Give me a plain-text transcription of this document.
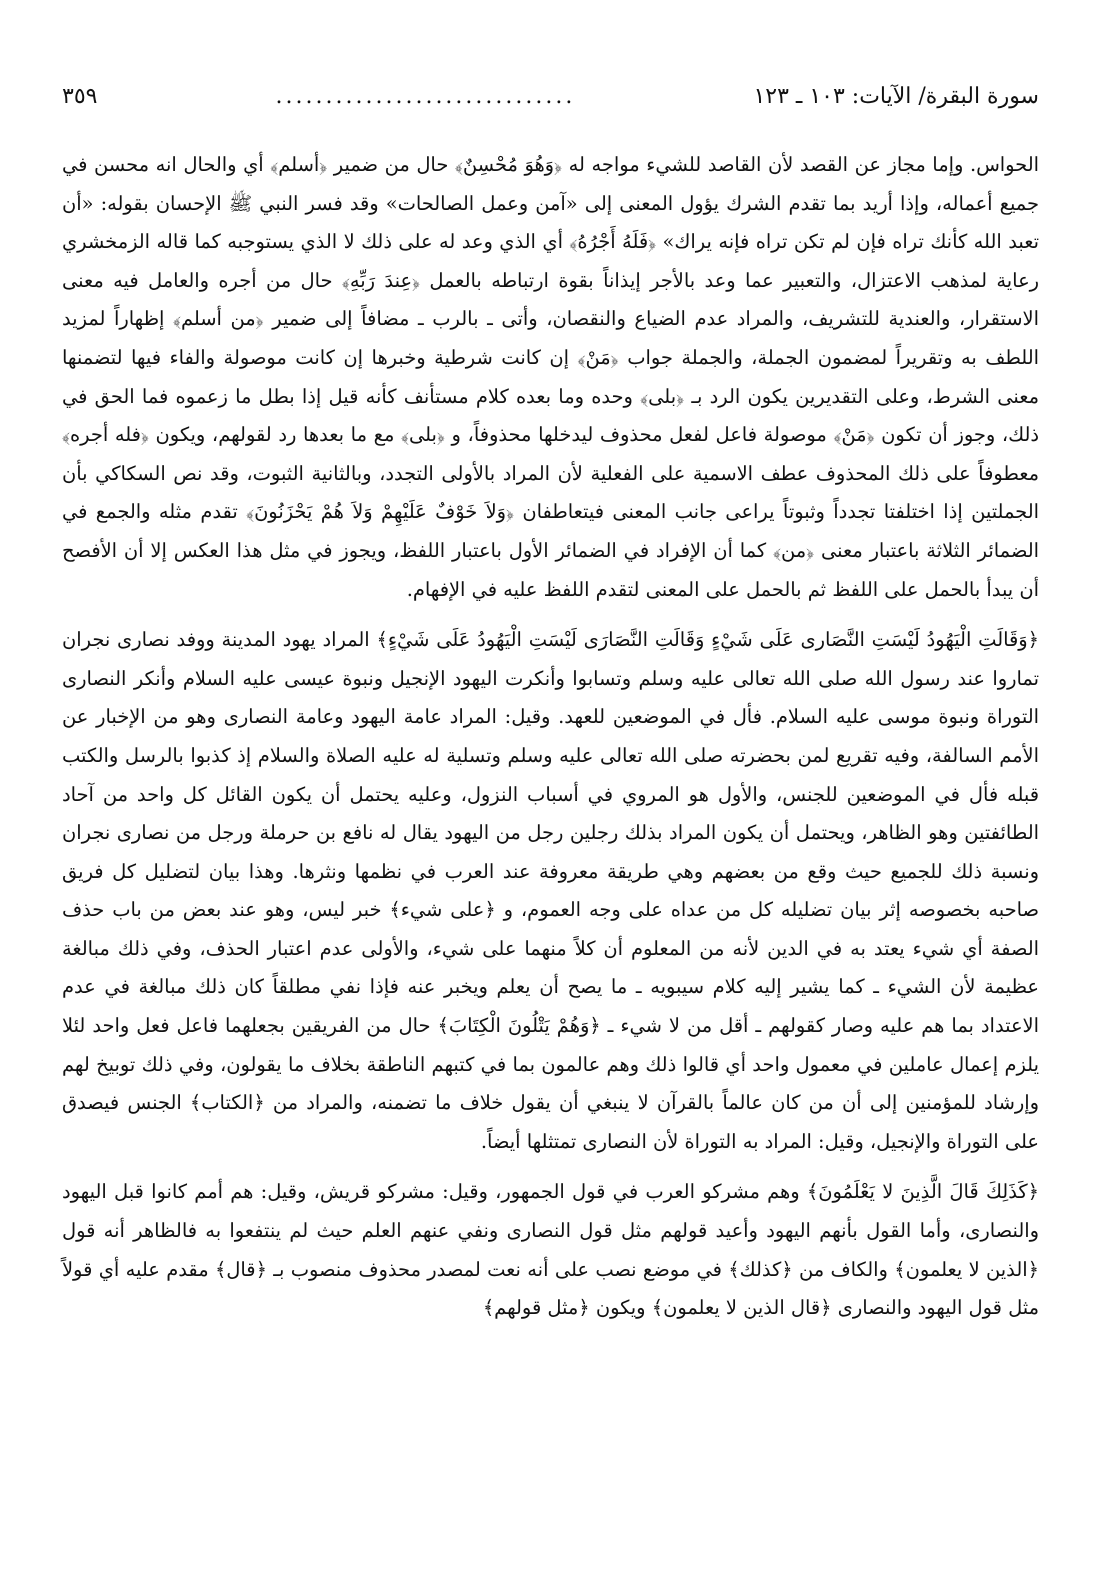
سورة البقرة/ الآيات: ١٠٣ ـ ١٢٣
..............................
٣٥٩

الحواس. وإما مجاز عن القصد لأن القاصد للشيء مواجه له ﴿وَهُوَ مُحْسِنٌ﴾ حال من ضمير ﴿أسلم﴾ أي والحال انه محسن في جميع أعماله، وإذا أريد بما تقدم الشرك يؤول المعنى إلى «آمن وعمل الصالحات» وقد فسر النبي ﷺ الإحسان بقوله: «أن تعبد الله كأنك تراه فإن لم تكن تراه فإنه يراك» ﴿فَلَهُ أَجْرُهُ﴾ أي الذي وعد له على ذلك لا الذي يستوجبه كما قاله الزمخشري رعاية لمذهب الاعتزال، والتعبير عما وعد بالأجر إيذاناً بقوة ارتباطه بالعمل ﴿عِندَ رَبِّهِ﴾ حال من أجره والعامل فيه معنى الاستقرار، والعندية للتشريف، والمراد عدم الضياع والنقصان، وأتى ـ بالرب ـ مضافاً إلى ضمير ﴿من أسلم﴾ إظهاراً لمزيد اللطف به وتقريراً لمضمون الجملة، والجملة جواب ﴿مَنْ﴾ إن كانت شرطية وخبرها إن كانت موصولة والفاء فيها لتضمنها معنى الشرط، وعلى التقديرين يكون الرد بـ ﴿بلى﴾ وحده وما بعده كلام مستأنف كأنه قيل إذا بطل ما زعموه فما الحق في ذلك، وجوز أن تكون ﴿مَنْ﴾ موصولة فاعل لفعل محذوف ليدخلها محذوفاً، و ﴿بلى﴾ مع ما بعدها رد لقولهم، ويكون ﴿فله أجره﴾ معطوفاً على ذلك المحذوف عطف الاسمية على الفعلية لأن المراد بالأولى التجدد، وبالثانية الثبوت، وقد نص السكاكي بأن الجملتين إذا اختلفتا تجدداً وثبوتاً يراعى جانب المعنى فيتعاطفان ﴿وَلاَ خَوْفٌ عَلَيْهِمْ وَلاَ هُمْ يَحْزَنُونَ﴾ تقدم مثله والجمع في الضمائر الثلاثة باعتبار معنى ﴿من﴾ كما أن الإفراد في الضمائر الأول باعتبار اللفظ، ويجوز في مثل هذا العكس إلا أن الأفصح أن يبدأ بالحمل على اللفظ ثم بالحمل على المعنى لتقدم اللفظ عليه في الإفهام.

﴿وَقَالَتِ الْيَهُودُ لَيْسَتِ النَّصَارى عَلَى شَيْءٍ وَقَالَتِ النَّصَارَى لَيْسَتِ الْيَهُودُ عَلَى شَيْءٍ﴾ المراد يهود المدينة ووفد نصارى نجران تماروا عند رسول الله صلى الله تعالى عليه وسلم وتسابوا وأنكرت اليهود الإنجيل ونبوة عيسى عليه السلام وأنكر النصارى التوراة ونبوة موسى عليه السلام. فأل في الموضعين للعهد. وقيل: المراد عامة اليهود وعامة النصارى وهو من الإخبار عن الأمم السالفة، وفيه تقريع لمن بحضرته صلى الله تعالى عليه وسلم وتسلية له عليه الصلاة والسلام إذ كذبوا بالرسل والكتب قبله فأل في الموضعين للجنس، والأول هو المروي في أسباب النزول، وعليه يحتمل أن يكون القائل كل واحد من آحاد الطائفتين وهو الظاهر، ويحتمل أن يكون المراد بذلك رجلين رجل من اليهود يقال له نافع بن حرملة ورجل من نصارى نجران ونسبة ذلك للجميع حيث وقع من بعضهم وهي طريقة معروفة عند العرب في نظمها ونثرها. وهذا بيان لتضليل كل فريق صاحبه بخصوصه إثر بيان تضليله كل من عداه على وجه العموم، و ﴿على شيء﴾ خبر ليس، وهو عند بعض من باب حذف الصفة أي شيء يعتد به في الدين لأنه من المعلوم أن كلاً منهما على شيء، والأولى عدم اعتبار الحذف، وفي ذلك مبالغة عظيمة لأن الشيء ـ كما يشير إليه كلام سيبويه ـ ما يصح أن يعلم ويخبر عنه فإذا نفي مطلقاً كان ذلك مبالغة في عدم الاعتداد بما هم عليه وصار كقولهم ـ أقل من لا شيء ـ ﴿وَهُمْ يَتْلُونَ الْكِتَابَ﴾ حال من الفريقين بجعلهما فاعل فعل واحد لئلا يلزم إعمال عاملين في معمول واحد أي قالوا ذلك وهم عالمون بما في كتبهم الناطقة بخلاف ما يقولون، وفي ذلك توبيخ لهم وإرشاد للمؤمنين إلى أن من كان عالماً بالقرآن لا ينبغي أن يقول خلاف ما تضمنه، والمراد من ﴿الكتاب﴾ الجنس فيصدق على التوراة والإنجيل، وقيل: المراد به التوراة لأن النصارى تمتثلها أيضاً.

﴿كَذَلِكَ قَالَ الَّذِينَ لا يَعْلَمُونَ﴾ وهم مشركو العرب في قول الجمهور، وقيل: مشركو قريش، وقيل: هم أمم كانوا قبل اليهود والنصارى، وأما القول بأنهم اليهود وأعيد قولهم مثل قول النصارى ونفي عنهم العلم حيث لم ينتفعوا به فالظاهر أنه قول ﴿الذين لا يعلمون﴾ والكاف من ﴿كذلك﴾ في موضع نصب على أنه نعت لمصدر محذوف منصوب بـ ﴿قال﴾ مقدم عليه أي قولاً مثل قول اليهود والنصارى ﴿قال الذين لا يعلمون﴾ ويكون ﴿مثل قولهم﴾
